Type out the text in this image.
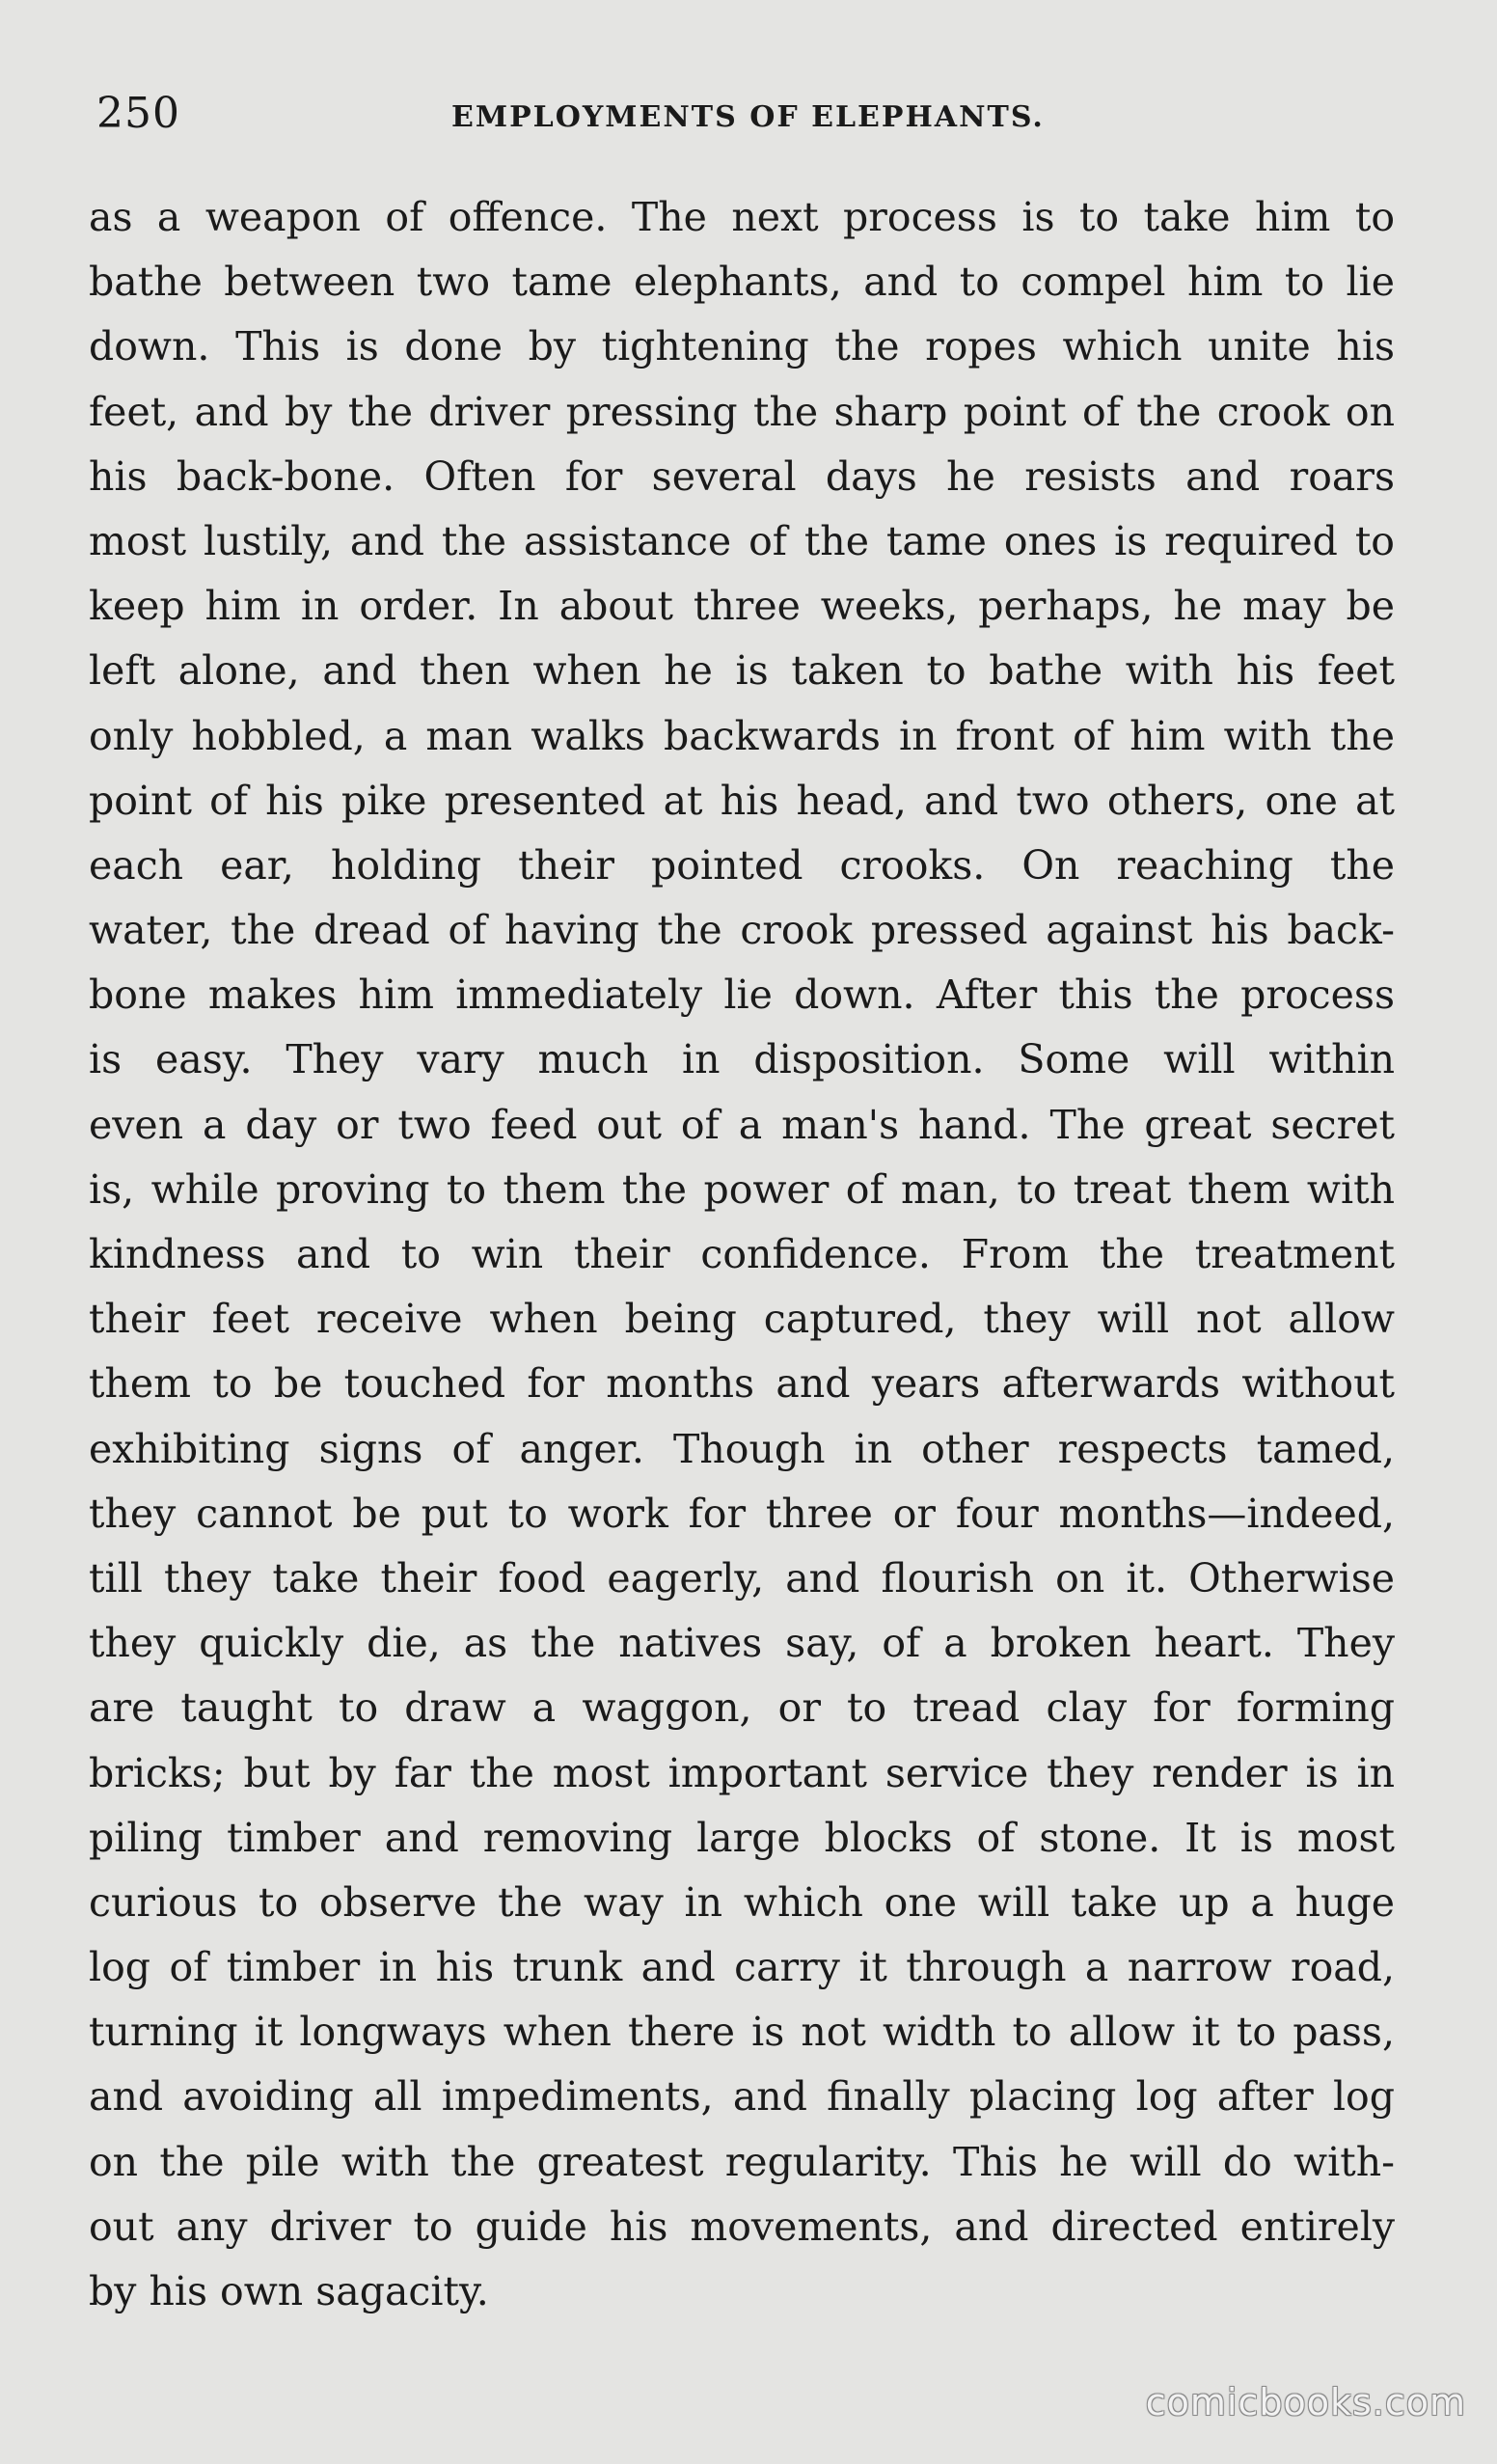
250	EMPLOYMENTS OF ELEPHANTS.
as a weapon of offence. The next process is to take him to
bathe between two tame elephants, and to compel him to lie
down. This is done by tightening the ropes which unite his
feet, and by the driver pressing the sharp point of the crook on
his back-bone. Often for several days he resists and roars
most lustily, and the assistance of the tame ones is required to
keep him in order. In about three weeks, perhaps, he may be
left alone, and then when he is taken to bathe with his feet
only hobbled, a man walks backwards in front of him with the
point of his pike presented at his head, and two others, one at
each ear, holding their pointed crooks. On reaching the
water, the dread of having the crook pressed against his back-
bone makes him immediately lie down. After this the process
is easy. They vary much in disposition. Some will within
even a day or two feed out of a man's hand. The great secret
is, while proving to them the power of man, to treat them with
kindness and to win their confidence. From the treatment
their feet receive when being captured, they will not allow
them to be touched for months and years afterwards without
exhibiting signs of anger. Though in other respects tamed,
they cannot be put to work for three or four months—indeed,
till they take their food eagerly, and flourish on it. Otherwise
they quickly die, as the natives say, of a broken heart. They
are taught to draw a waggon, or to tread clay for forming
bricks; but by far the most important service they render is in
piling timber and removing large blocks of stone. It is most
curious to observe the way in which one will take up a huge
log of timber in his trunk and carry it through a narrow road,
turning it longways when there is not width to allow it to pass,
and avoiding all impediments, and finally placing log after log
on the pile with the greatest regularity. This he will do with-
out any driver to guide his movements, and directed entirely
by his own sagacity.
comicbooks.com
